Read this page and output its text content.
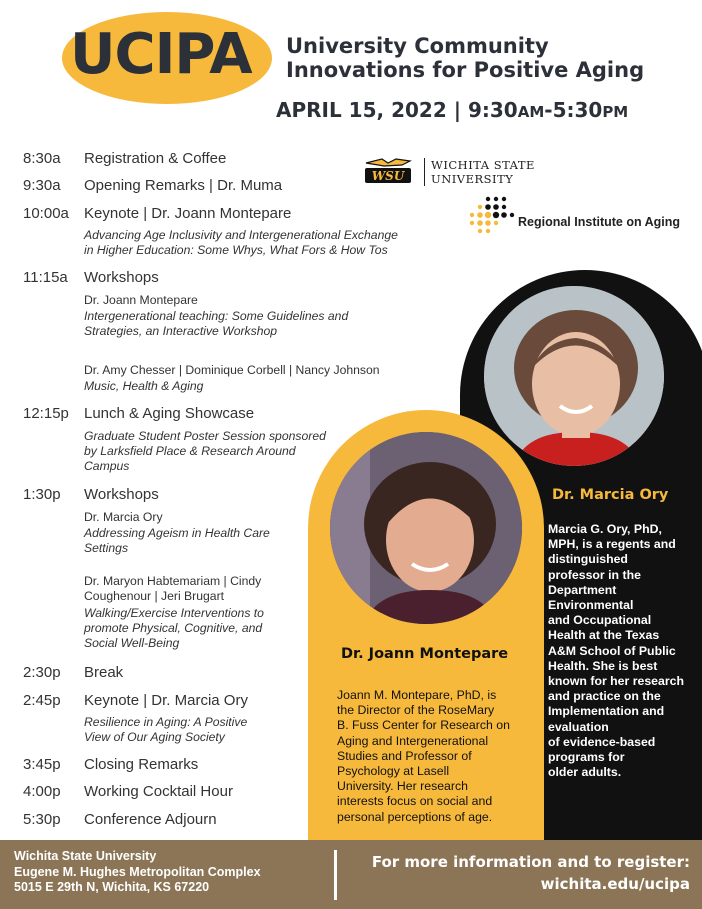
UCIPA University Community
Innovations for Positive Aging
APRIL 15, 2022 | 9:30AM-5:30PM
WSU
WICHITA STATE
UNIVERSITY
Regional Institute on Aging
8:30a Registration & Coffee
9:30a Opening Remarks | Dr. Muma
10:00a Keynote | Dr. Joann Montepare
Advancing Age Inclusivity and Intergenerational Exchange
in Higher Education: Some Whys, What Fors & How Tos
11:15a Workshops
Dr. Joann Montepare
Intergenerational teaching: Some Guidelines and
Strategies, an Interactive Workshop
Dr. Amy Chesser | Dominique Corbell | Nancy Johnson
Music, Health & Aging
12:15p Lunch & Aging Showcase
Graduate Student Poster Session sponsored
by Larksfield Place & Research Around
Campus
1:30p Workshops
Dr. Marcia Ory
Addressing Ageism in Health Care
Settings
Dr. Maryon Habtemariam | Cindy
Coughenour | Jeri Brugart
Walking/Exercise Interventions to
promote Physical, Cognitive, and
Social Well-Being
2:30p Break
2:45p Keynote | Dr. Marcia Ory
Resilience in Aging: A Positive
View of Our Aging Society
3:45p Closing Remarks
4:00p Working Cocktail Hour
5:30p Conference Adjourn
Dr. Marcia Ory
Marcia G. Ory, PhD,
MPH, is a regents and
distinguished
professor in the
Department
Environmental
and Occupational
Health at the Texas
A&M School of Public
Health. She is best
known for her research
and practice on the
Implementation and
evaluation
of evidence-based
programs for
older adults.
Dr. Joann Montepare
Joann M. Montepare, PhD, is
the Director of the RoseMary
B. Fuss Center for Research on
Aging and Intergenerational
Studies and Professor of
Psychology at Lasell
University. Her research
interests focus on social and
personal perceptions of age.
Wichita State University
Eugene M. Hughes Metropolitan Complex
5015 E 29th N, Wichita, KS 67220
For more information and to register:
wichita.edu/ucipa
